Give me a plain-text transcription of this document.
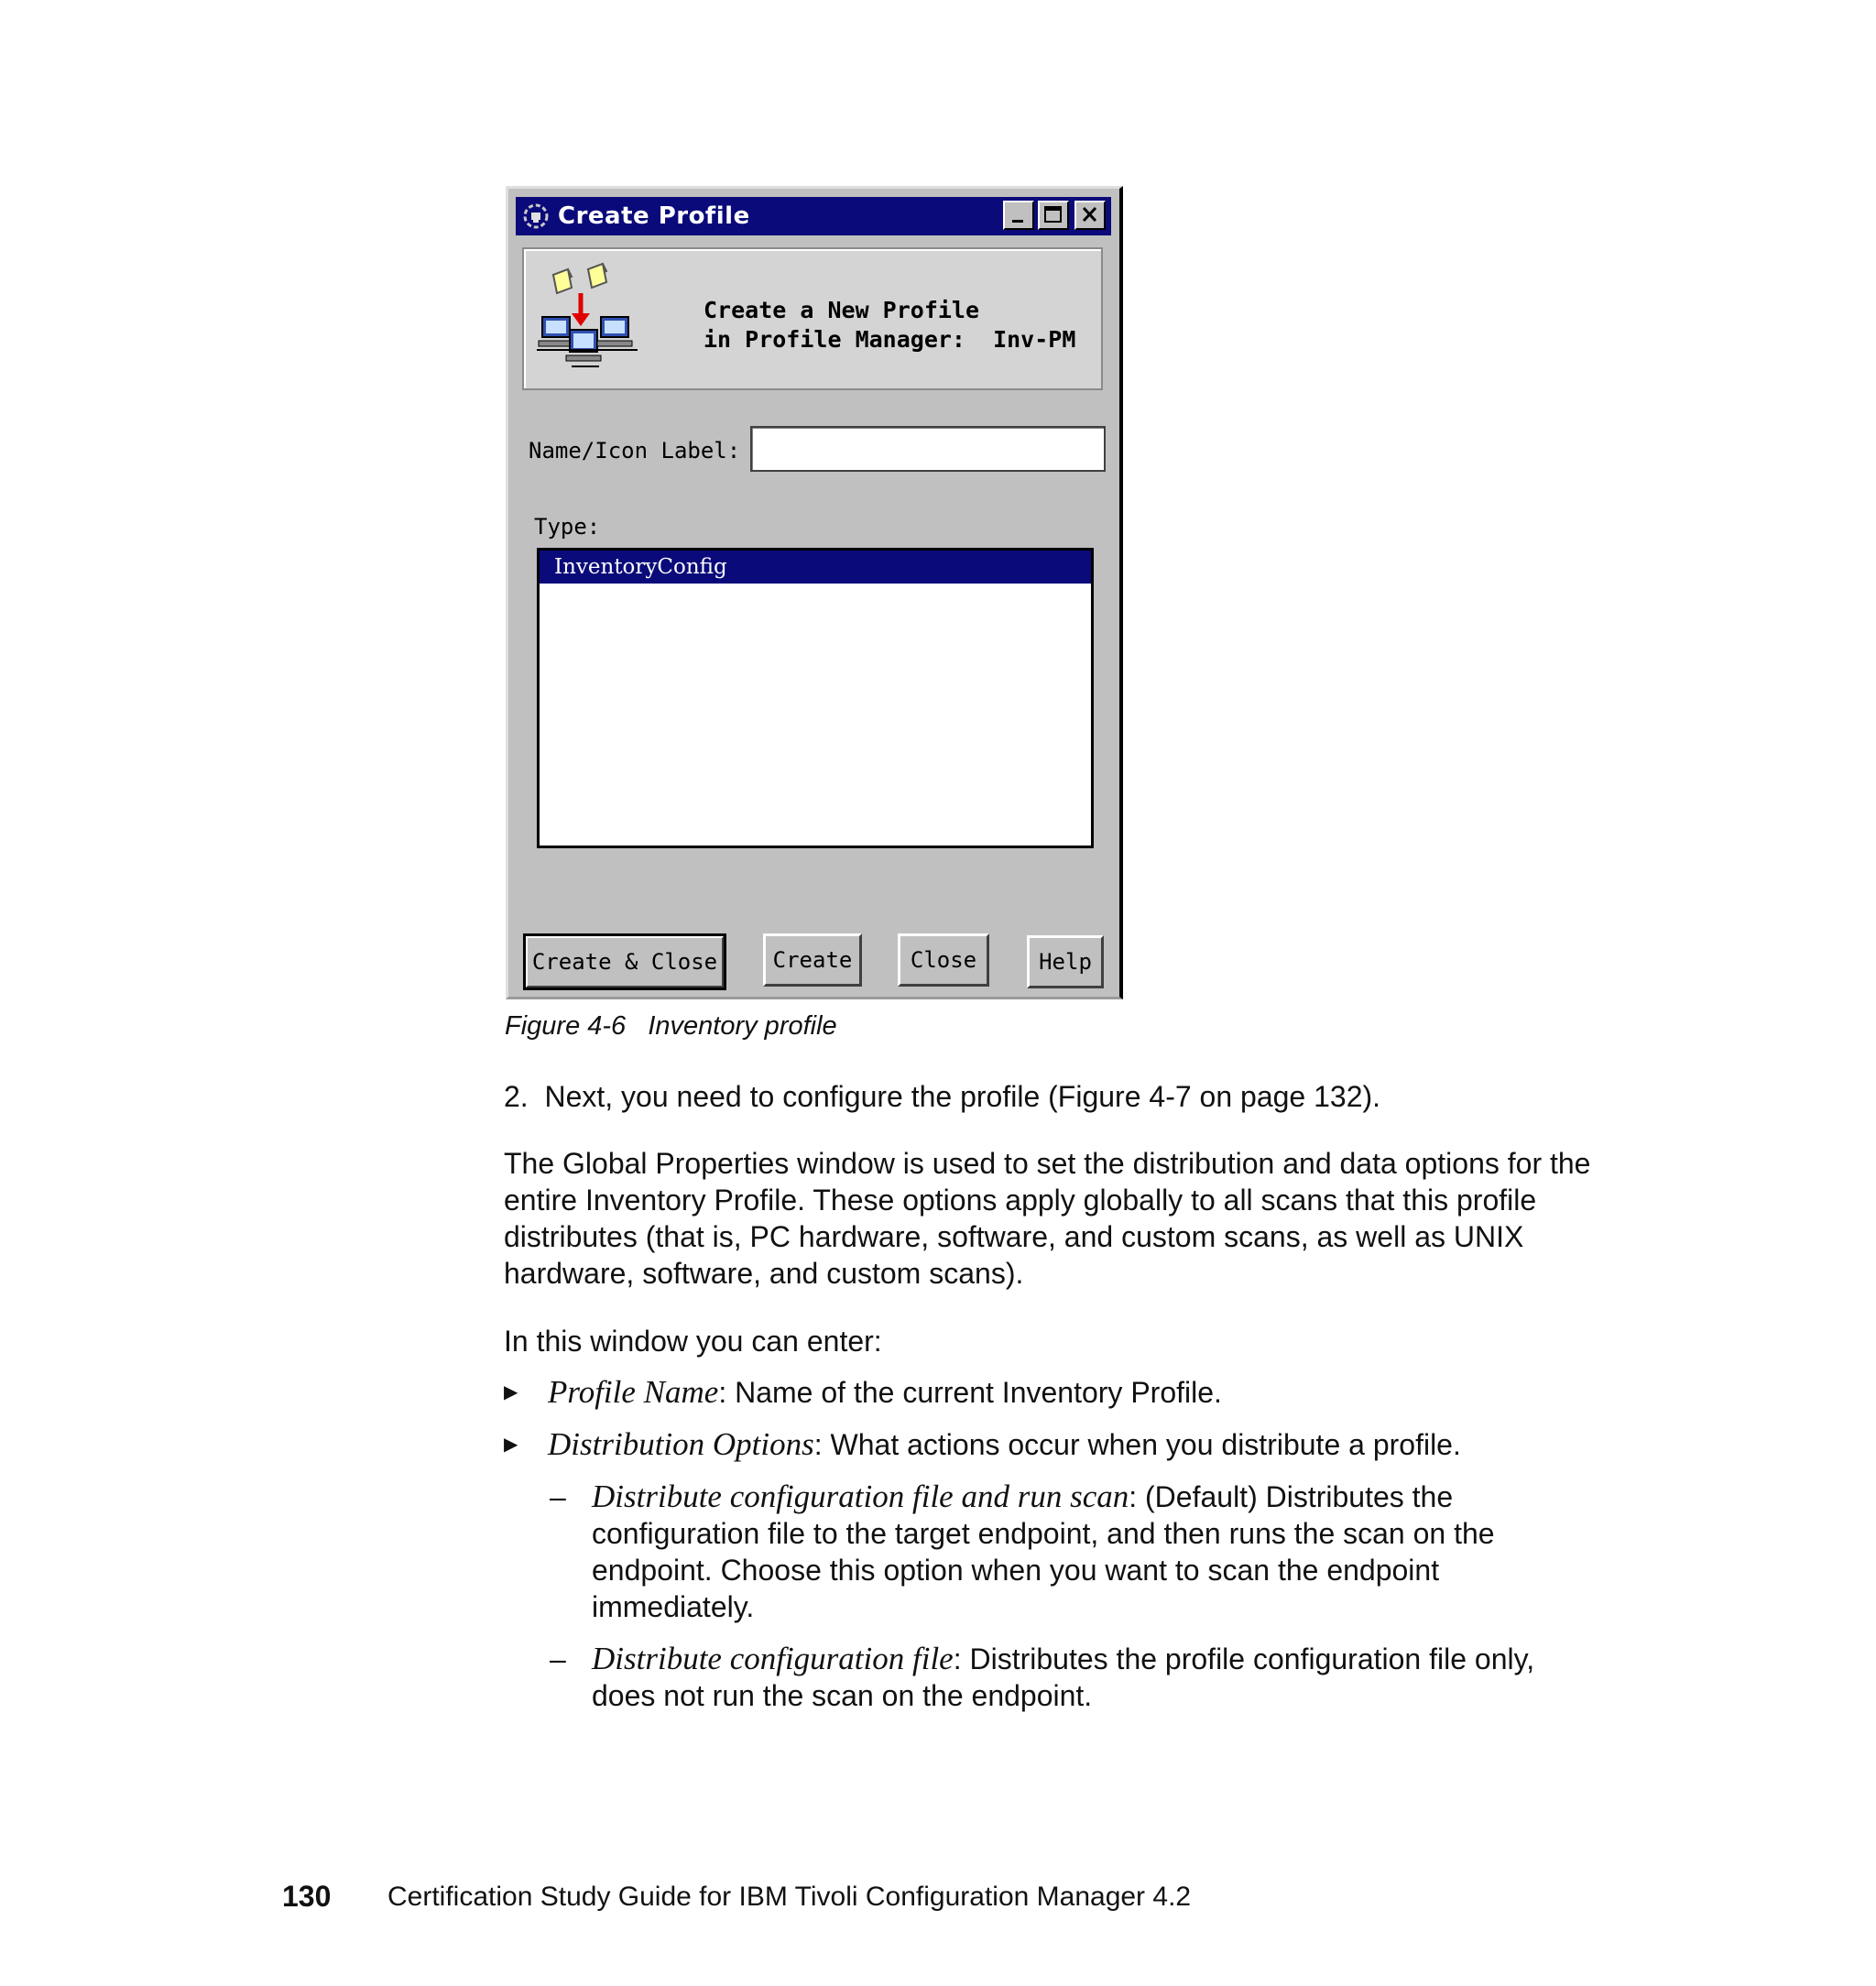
Create Profile
Create a New Profile
in Profile Manager:  Inv-PM
Name/Icon Label:
Type:
InventoryConfig
Create & Close	Create	Close	Help
Figure 4-6   Inventory profile
2.  Next, you need to configure the profile (Figure 4-7 on page 132).
The Global Properties window is used to set the distribution and data options for the entire Inventory Profile. These options apply globally to all scans that this profile distributes (that is, PC hardware, software, and custom scans, as well as UNIX hardware, software, and custom scans).
In this window you can enter:
▶ Profile Name: Name of the current Inventory Profile.
▶ Distribution Options: What actions occur when you distribute a profile.
– Distribute configuration file and run scan: (Default) Distributes the configuration file to the target endpoint, and then runs the scan on the endpoint. Choose this option when you want to scan the endpoint immediately.
– Distribute configuration file: Distributes the profile configuration file only, does not run the scan on the endpoint.
130 Certification Study Guide for IBM Tivoli Configuration Manager 4.2
